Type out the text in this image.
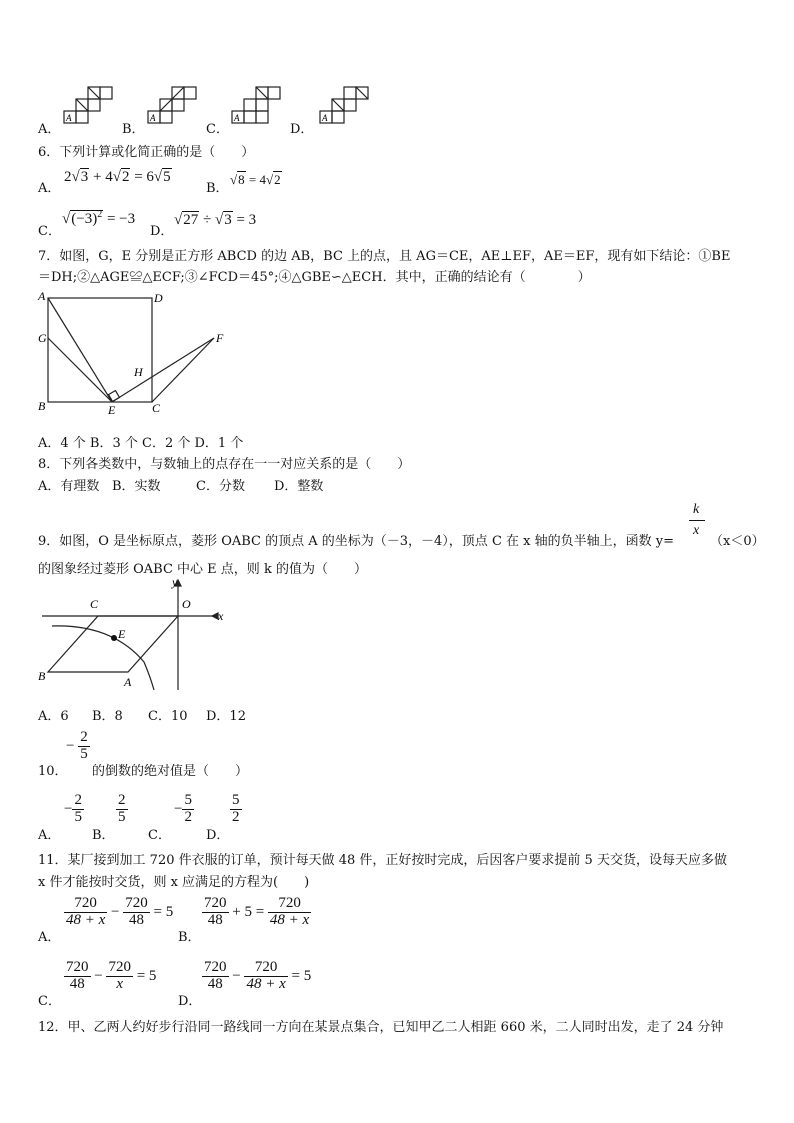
A．
A
B．
A
C．
A
D．
A
6．下列计算或化简正确的是（　　）
A．
2√3 + 4√2 = 6√5
B．
√8 = 4√2
C．
$√(-3)^2 = -3$
D．
√27 ÷ √3 = 3
7．如图，G，E 分别是正方形 ABCD 的边 AB，BC 上的点，且 AG＝CE，AE⊥EF，AE＝EF，现有如下结论：①BE
＝DH;②△AGE≌△ECF;③∠FCD＝45°;④△GBE∽△ECH．其中，正确的结论有（　　　　）
A	D
G	F
H
B	E	C
A．4 个 B．3 个 C．2 个 D．1 个
8．下列各类数中，与数轴上的点存在一一对应关系的是（　　）
A．有理数 B．实数	C．分数 D．整数
9．如图，O 是坐标原点，菱形 OABC 的顶点 A 的坐标为（－3，－4），顶点 C 在 x 轴的负半轴上，函数 y=
k
x
（x＜0）
的图象经过菱形 OABC 中心 E 点，则 k 的值为（　　）
y
C	O
x
E
B	A
A．6 B．8 C．10 D．12
− $\frac{2}{5}$
10． 的倒数的绝对值是（　　）
A．
− $\frac{2}{5}$
B．
$\frac{2}{5}$
C．
− $\frac{5}{2}$
D．
$\frac{5}{2}$
11．某厂接到加工 720 件衣服的订单，预计每天做 48 件，正好按时完成，后因客户要求提前 5 天交货，设每天应多做
x 件才能按时交货，则 x 应满足的方程为(　　)
A．
$\frac{720}{48 + x} - \frac{720}{48} = 5$
B．
$\frac{720}{48} + 5 = \frac{720}{48 + x}$
C．
$\frac{720}{48} - \frac{720}{x} = 5$
D．
$\frac{720}{48} - \frac{720}{48 + x} = 5$
12．甲、乙两人约好步行沿同一路线同一方向在某景点集合，已知甲乙二人相距 660 米，二人同时出发，走了 24 分钟
